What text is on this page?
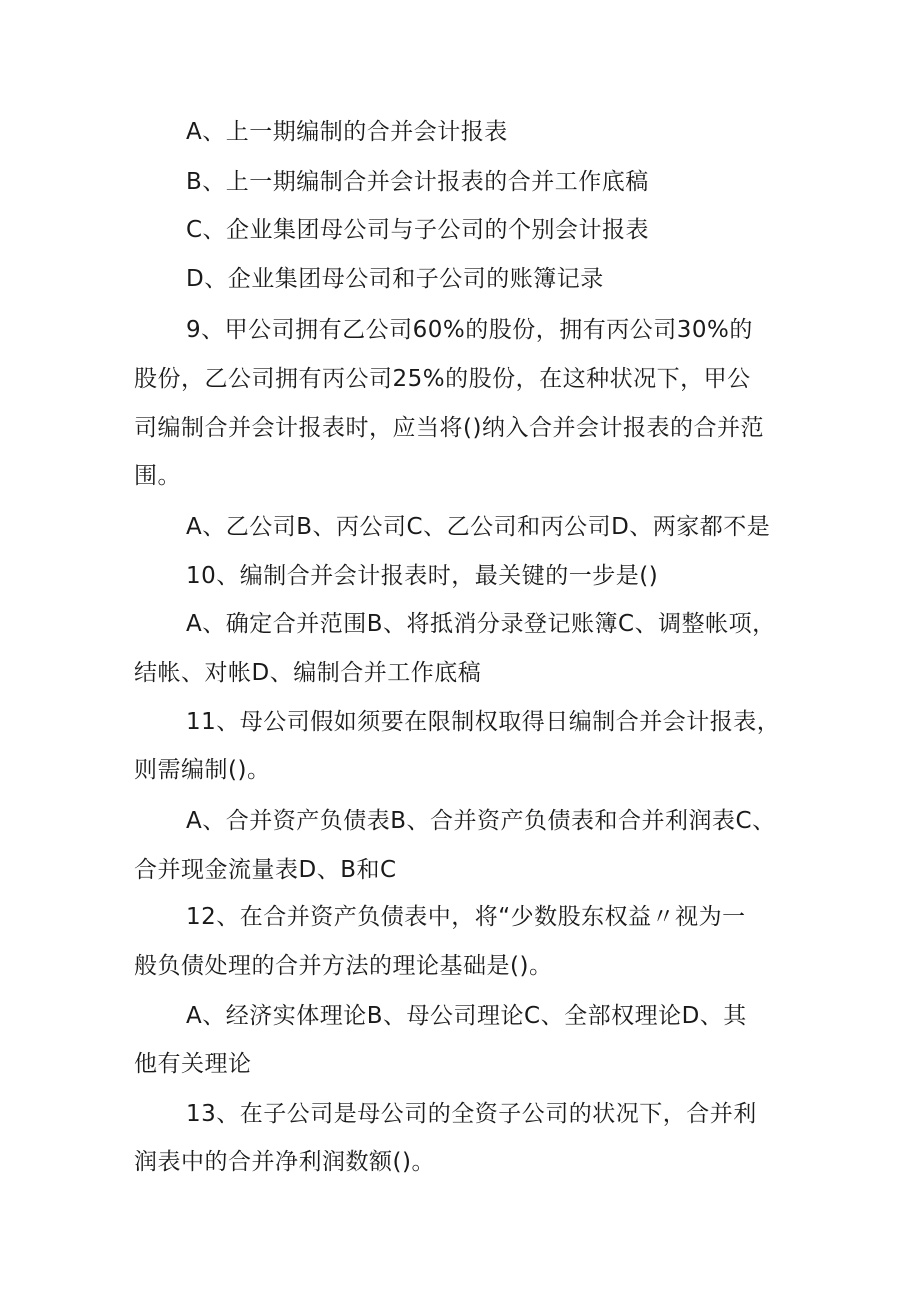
A、上一期编制的合并会计报表
B、上一期编制合并会计报表的合并工作底稿
C、企业集团母公司与子公司的个别会计报表
D、企业集团母公司和子公司的账簿记录
9、甲公司拥有乙公司60%的股份，拥有丙公司30%的
股份，乙公司拥有丙公司25%的股份，在这种状况下，甲公
司编制合并会计报表时，应当将()纳入合并会计报表的合并范
围。
A、乙公司B、丙公司C、乙公司和丙公司D、两家都不是
10、编制合并会计报表时，最关键的一步是()
A、确定合并范围B、将抵消分录登记账簿C、调整帐项，
结帐、对帐D、编制合并工作底稿
11、母公司假如须要在限制权取得日编制合并会计报表，
则需编制()。
A、合并资产负债表B、合并资产负债表和合并利润表C、
合并现金流量表D、B和C
12、在合并资产负债表中，将“少数股东权益〃视为一
般负债处理的合并方法的理论基础是()。
A、经济实体理论B、母公司理论C、全部权理论D、其
他有关理论
13、在子公司是母公司的全资子公司的状况下，合并利
润表中的合并净利润数额()。
